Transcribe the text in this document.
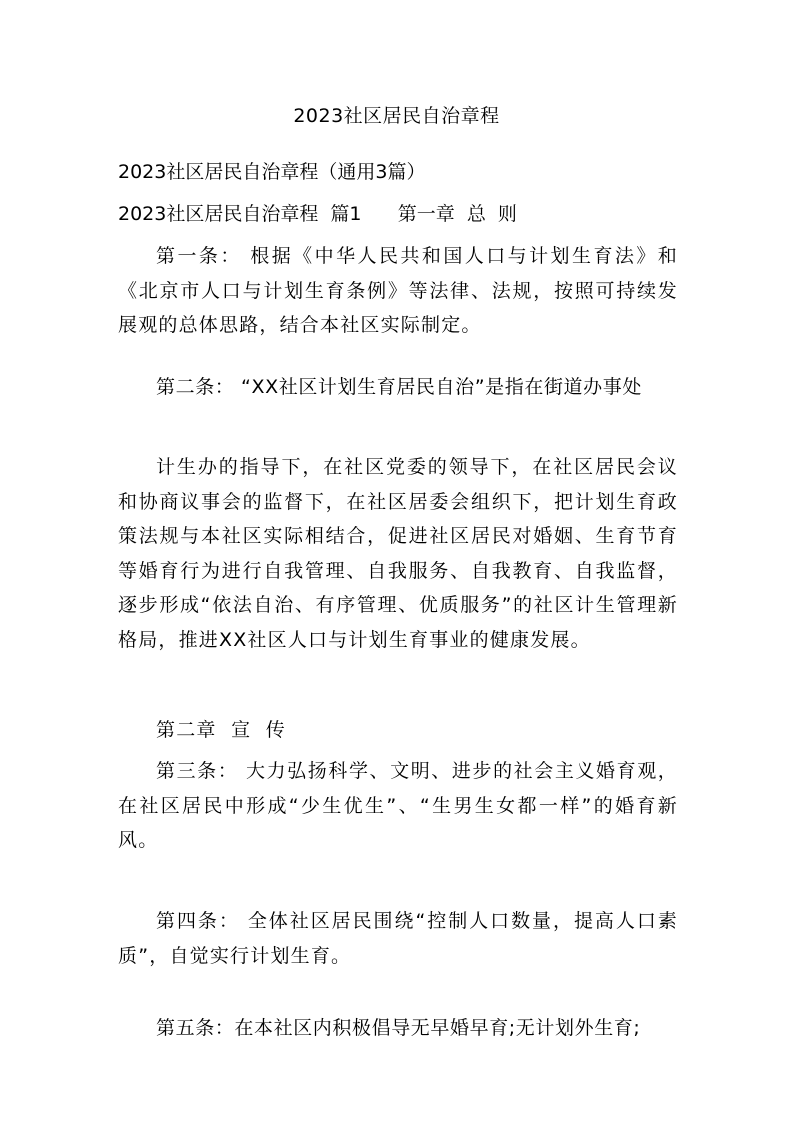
2023社区居民自治章程
2023社区居民自治章程（通用3篇）
2023社区居民自治章程  篇1      第一章  总  则

第一条： 根据《中华人民共和国人口与计划生育法》和《北京市人口与计划生育条例》等法律、法规，按照可持续发展观的总体思路，结合本社区实际制定。

第二条： “XX社区计划生育居民自治”是指在街道办事处

计生办的指导下，在社区党委的领导下，在社区居民会议和协商议事会的监督下，在社区居委会组织下，把计划生育政策法规与本社区实际相结合，促进社区居民对婚姻、生育节育等婚育行为进行自我管理、自我服务、自我教育、自我监督，逐步形成“依法自治、有序管理、优质服务”的社区计生管理新格局，推进XX社区人口与计划生育事业的健康发展。

第二章  宣  传

第三条： 大力弘扬科学、文明、进步的社会主义婚育观，在社区居民中形成“少生优生”、“生男生女都一样”的婚育新风。

第四条： 全体社区居民围绕“控制人口数量，提高人口素质”，自觉实行计划生育。

第五条：在本社区内积极倡导无早婚早育;无计划外生育;
